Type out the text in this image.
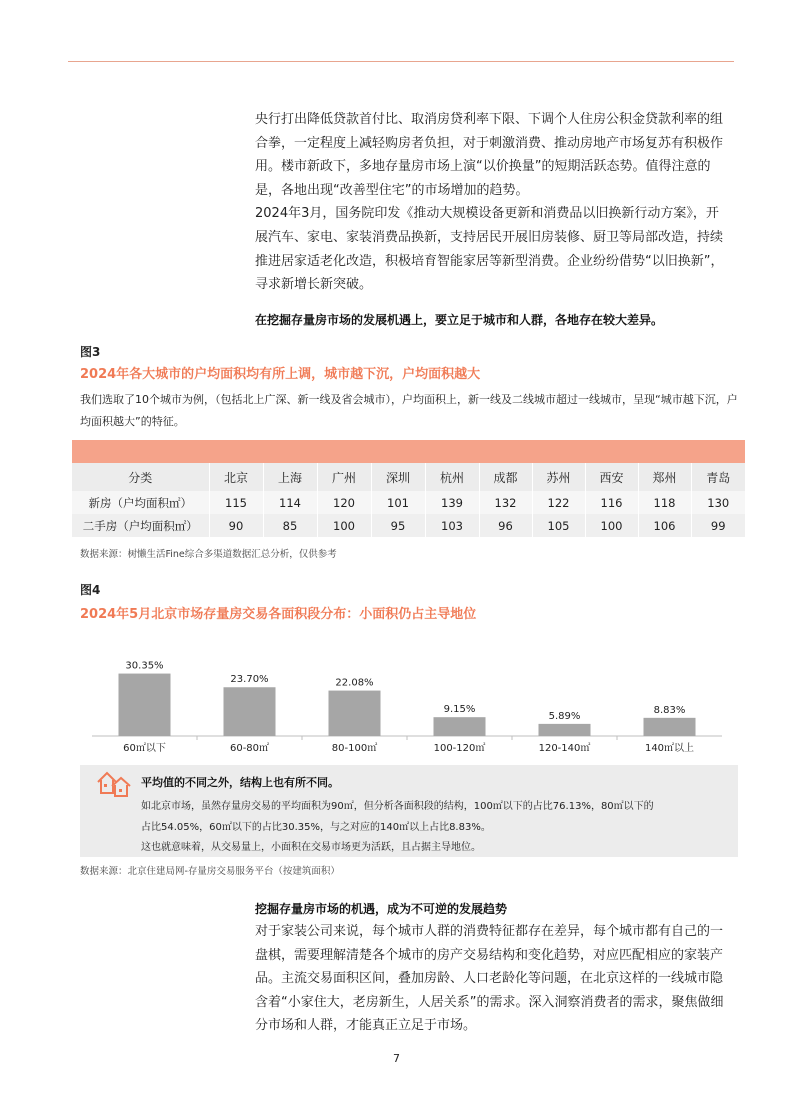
央行打出降低贷款首付比、取消房贷利率下限、下调个人住房公积金贷款利率的组合拳，一定程度上减轻购房者负担，对于刺激消费、推动房地产市场复苏有积极作用。楼市新政下，多地存量房市场上演“以价换量”的短期活跃态势。值得注意的是，各地出现“改善型住宅”的市场增加的趋势。

2024年3月，国务院印发《推动大规模设备更新和消费品以旧换新行动方案》，开展汽车、家电、家装消费品换新，支持居民开展旧房装修、厨卫等局部改造，持续推进居家适老化改造，积极培育智能家居等新型消费。企业纷纷借势“以旧换新”，寻求新增长新突破。

在挖掘存量房市场的发展机遇上，要立足于城市和人群，各地存在较大差异。
图3
2024年各大城市的户均面积均有所上调，城市越下沉，户均面积越大
我们选取了10个城市为例，（包括北上广深、新一线及省会城市），户均面积上，新一线及二线城市超过一线城市，呈现“城市越下沉，户均面积越大”的特征。
分类	北京	上海	广州	深圳	杭州	成都	苏州	西安	郑州	青岛
新房（户均面积㎡）	115	114	120	101	139	132	122	116	118	130
二手房（户均面积㎡）	90	85	100	95	103	96	105	100	106	99
数据来源：树懒生活Fine综合多渠道数据汇总分析，仅供参考
图4
2024年5月北京市场存量房交易各面积段分布：小面积仍占主导地位
30.35%
60㎡以下
23.70%
60-80㎡
22.08%
80-100㎡
9.15%
100-120㎡
5.89%
120-140㎡
8.83%
140㎡以上
平均值的不同之外，结构上也有所不同。
如北京市场，虽然存量房交易的平均面积为90㎡，但分析各面积段的结构，100㎡以下的占比76.13%，80㎡以下的
占比54.05%，60㎡以下的占比30.35%，与之对应的140㎡以上占比8.83%。
这也就意味着，从交易量上，小面积在交易市场更为活跃，且占据主导地位。
数据来源：北京住建局网-存量房交易服务平台（按建筑面积）
挖掘存量房市场的机遇，成为不可逆的发展趋势

对于家装公司来说，每个城市人群的消费特征都存在差异，每个城市都有自己的一盘棋，需要理解清楚各个城市的房产交易结构和变化趋势，对应匹配相应的家装产品。主流交易面积区间，叠加房龄、人口老龄化等问题，在北京这样的一线城市隐含着“小家住大，老房新生，人居关系”的需求。深入洞察消费者的需求，聚焦做细分市场和人群，才能真正立足于市场。

7
